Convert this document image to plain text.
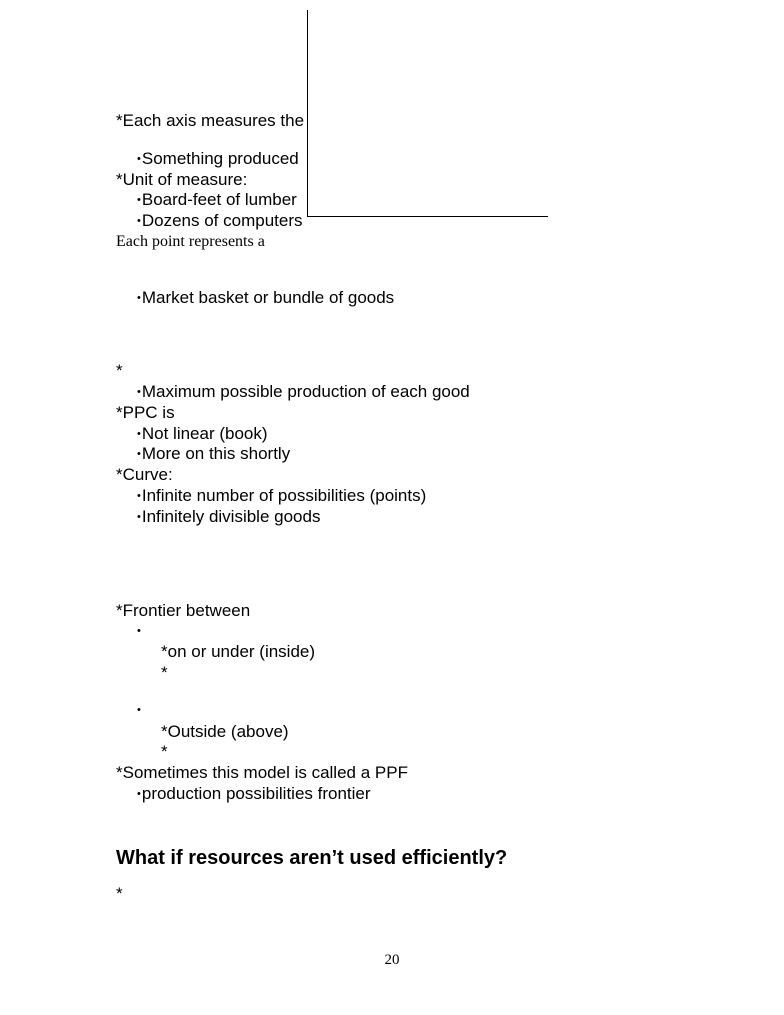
*Each axis measures the
•Something produced
*Unit of measure:
•Board-feet of lumber
•Dozens of computers
Each point represents a
•Market basket or bundle of goods
*
•Maximum possible production of each good
*PPC is
•Not linear (book)
•More on this shortly
*Curve:
•Infinite number of possibilities (points)
•Infinitely divisible goods
*Frontier between
•
*on or under (inside)
*
•
*Outside (above)
*
*Sometimes this model is called a PPF
•production possibilities frontier
What if resources aren’t used efficiently?
*
20
